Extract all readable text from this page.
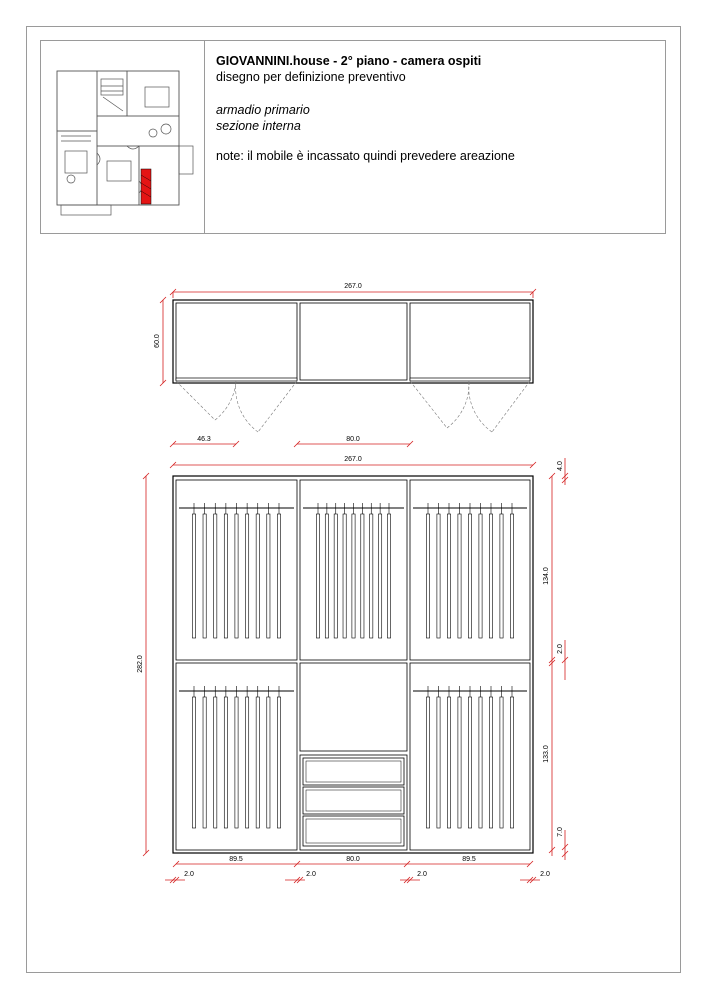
GIOVANNINI.house - 2° piano - camera ospiti
disegno per definizione preventivo
armadio primario
sezione interna
note: il mobile è incassato quindi prevedere areazione
267.0
60.0
46.3	80.0
267.0
282.0
4.0
134.0
2.0
133.0
7.0
89.5	80.0	89.5
2.0	2.0	2.0	2.0
